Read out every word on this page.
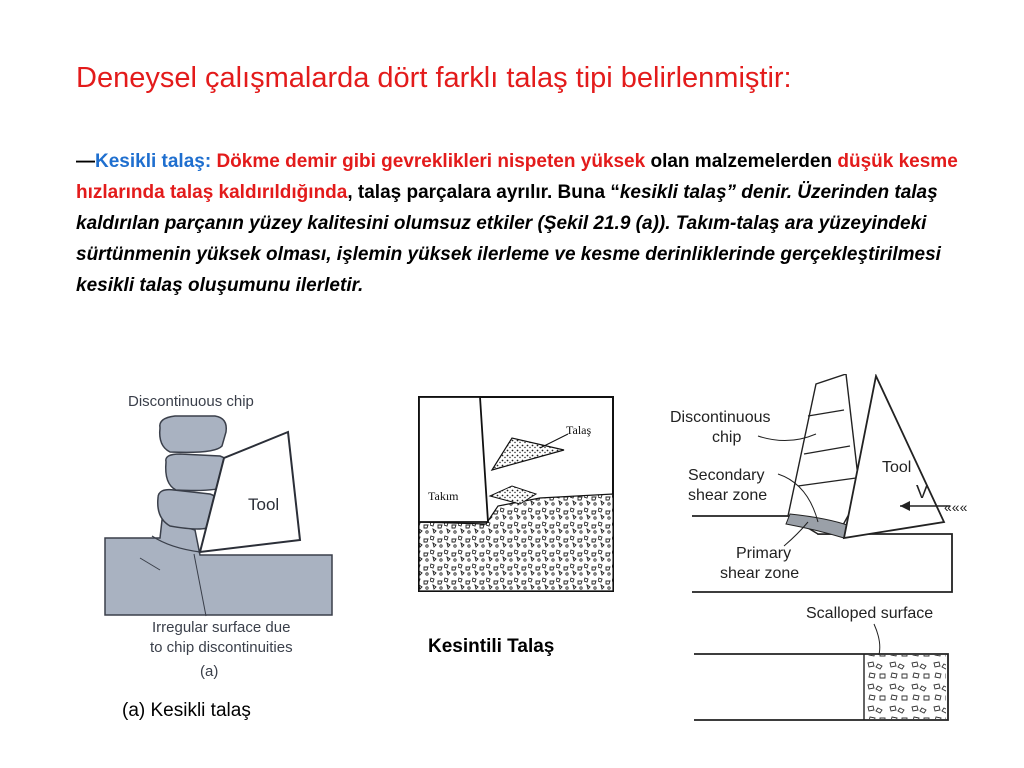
Deneysel çalışmalarda dört farklı talaş tipi belirlenmiştir:
—Kesikli talaş: Dökme demir gibi gevreklikleri nispeten yüksek olan malzemelerden düşük kesme hızlarında talaş kaldırıldığında, talaş parçalara ayrılır. Buna “kesikli talaş” denir. Üzerinden talaş kaldırılan parçanın yüzey kalitesini olumsuz etkiler (Şekil 21.9 (a)). Takım-talaş ara yüzeyindeki sürtünmenin yüksek olması, işlemin yüksek ilerleme ve kesme derinliklerinde gerçekleştirilmesi kesikli talaş oluşumunu ilerletir.
Discontinuous chip
Tool
Irregular surface due
to chip discontinuities
(a)
Talaş
Takım
«««
V
Tool
Discontinuous
chip
Secondary
shear zone
Primary
shear zone
Scalloped surface
(a) Kesikli talaş
Kesintili Talaş
